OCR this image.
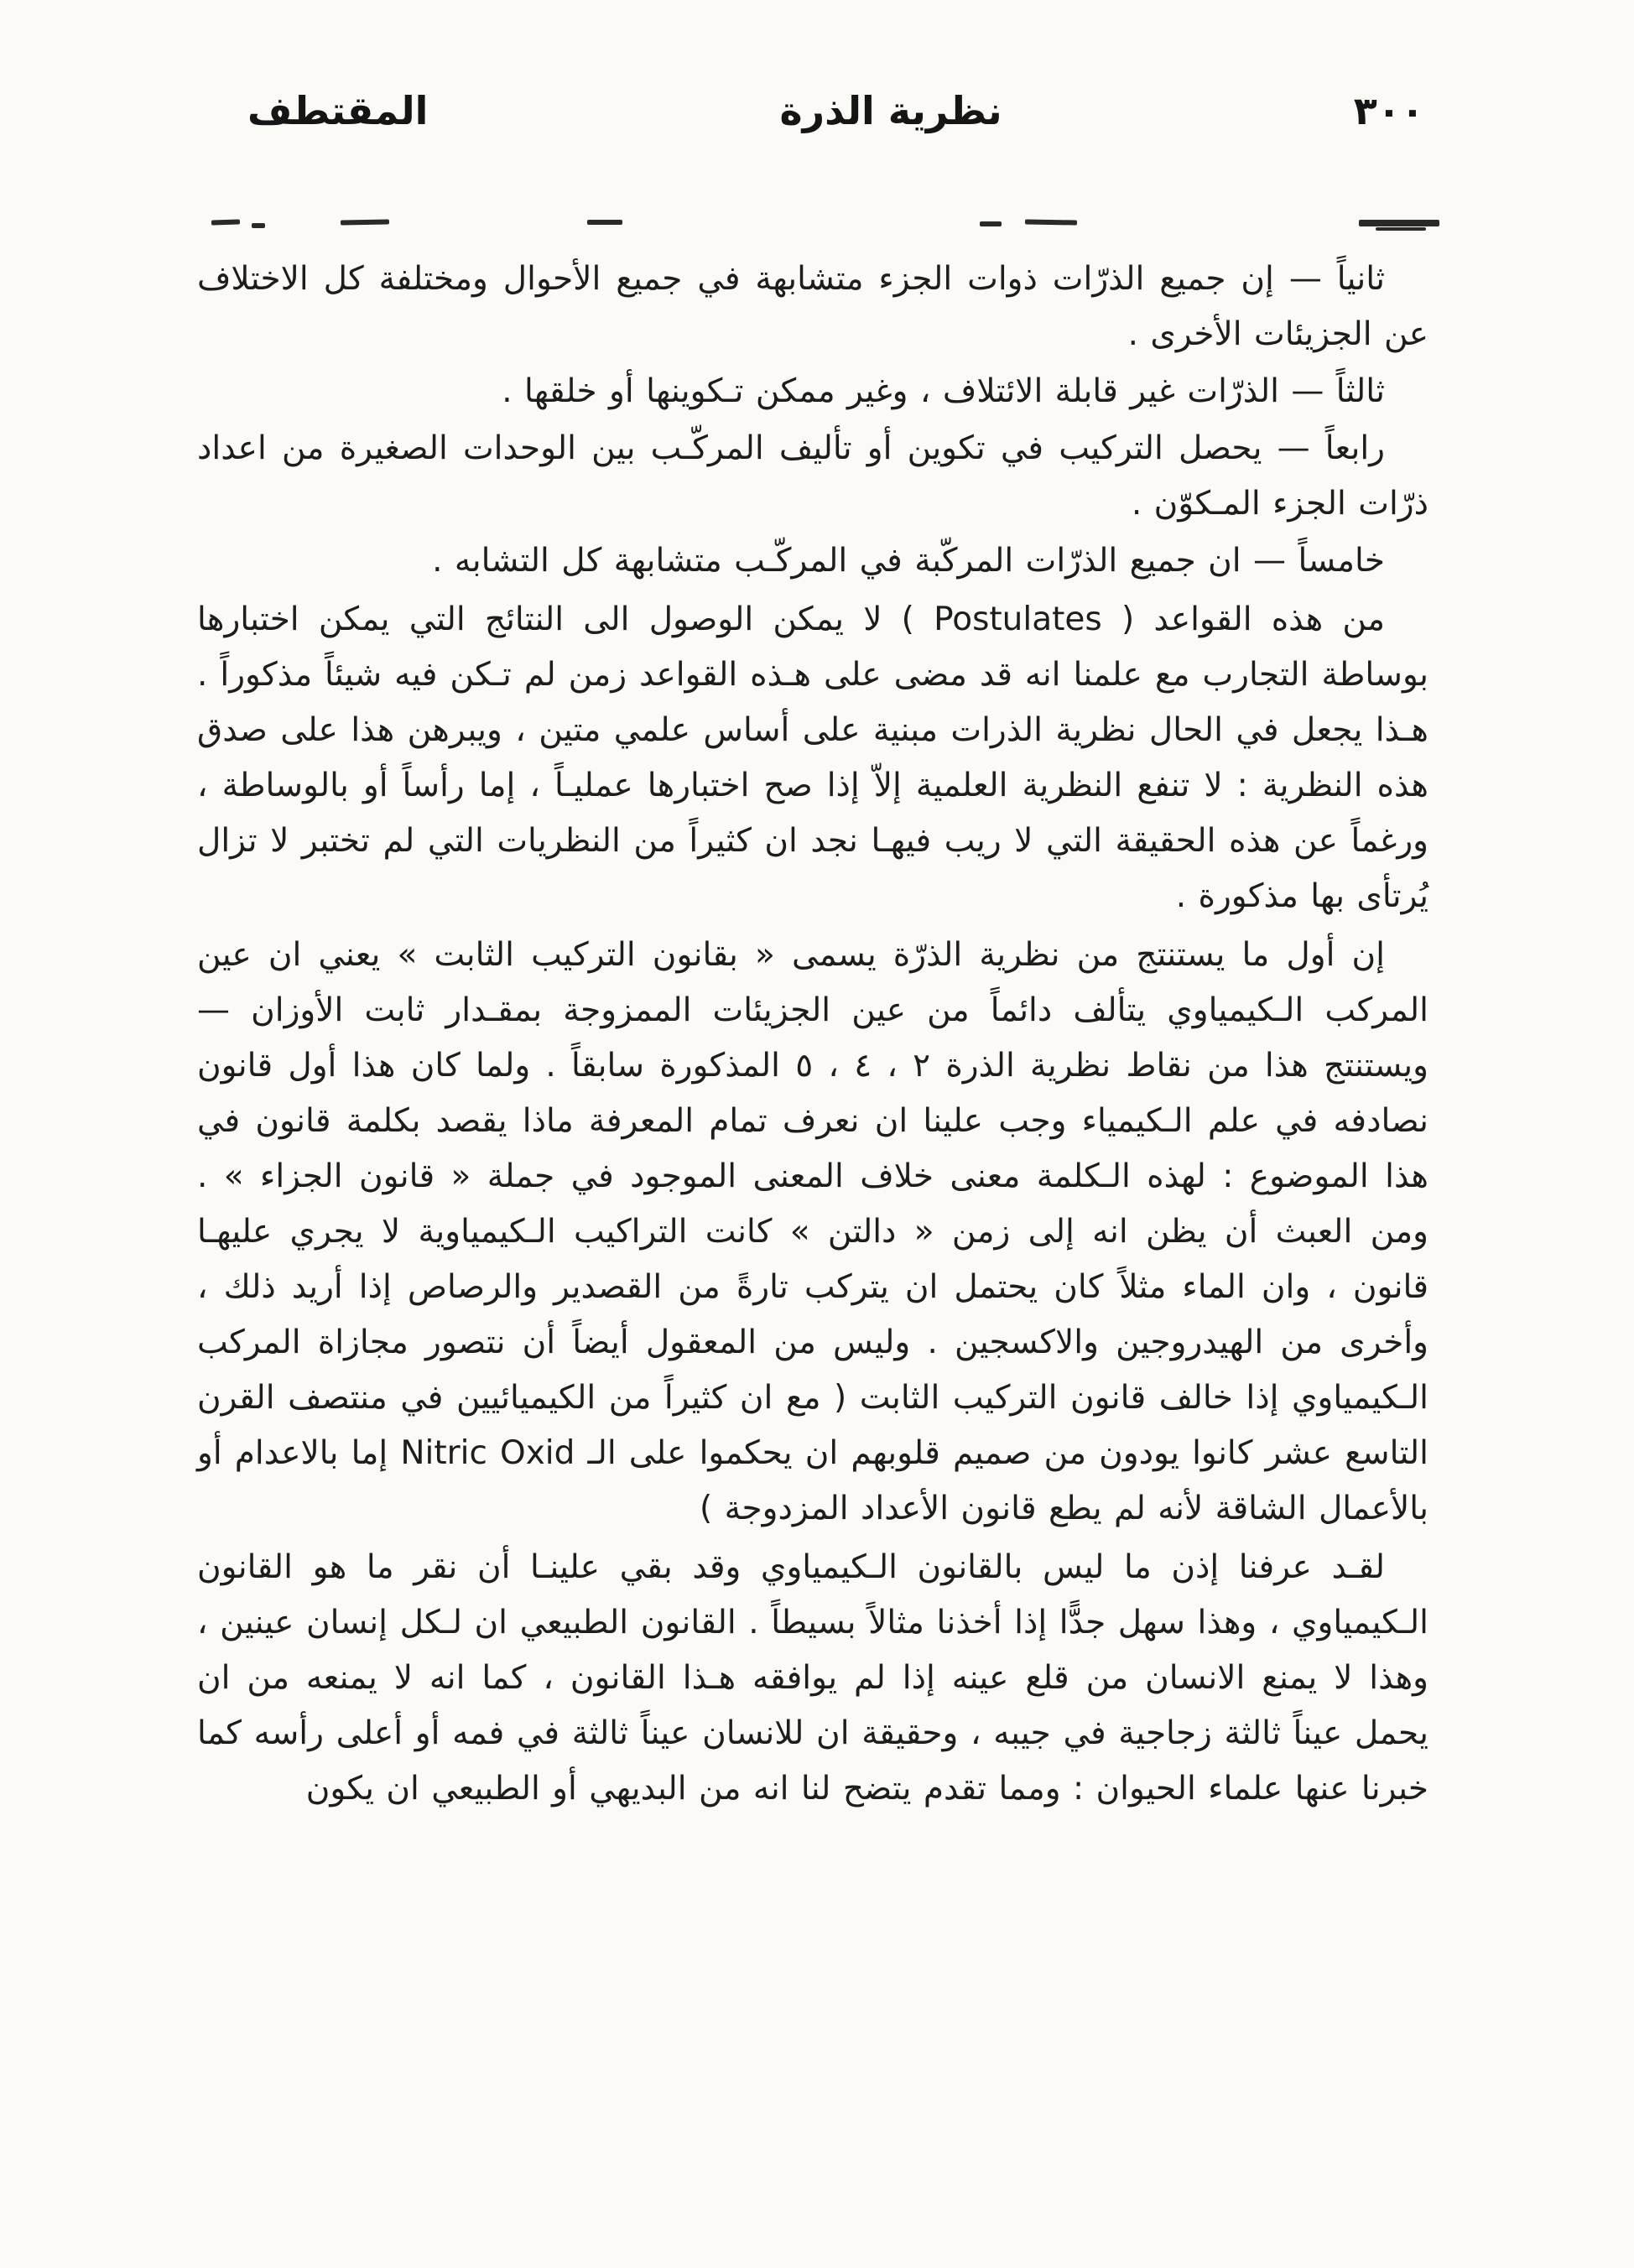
٣٠٠
نظرية الذرة
المقتطف

ثانياً — إن جميع الذرّات ذوات الجزء متشابهة في جميع الأحوال ومختلفة كل الاختلاف عن الجزيئات الأخرى .

ثالثاً — الذرّات غير قابلة الائتلاف ، وغير ممكن تـكوينها أو خلقها .

رابعاً — يحصل التركيب في تكوين أو تأليف المركّـب بين الوحدات الصغيرة من اعداد ذرّات الجزء المـكوّن .

خامساً — ان جميع الذرّات المركّبة في المركّـب متشابهة كل التشابه .

من هذه القواعد ( Postulates ) لا يمكن الوصول الى النتائج التي يمكن اختبارها بوساطة التجارب مع علمنا انه قد مضى على هـذه القواعد زمن لم تـكن فيه شيئاً مذكوراً . هـذا يجعل في الحال نظرية الذرات مبنية على أساس علمي متين ، ويبرهن هذا على صدق هذه النظرية : لا تنفع النظرية العلمية إلاّ إذا صح اختبارها عمليـاً ، إما رأساً أو بالوساطة ، ورغماً عن هذه الحقيقة التي لا ريب فيهـا نجد ان كثيراً من النظريات التي لم تختبر لا تزال يُرتأى بها مذكورة .

إن أول ما يستنتج من نظرية الذرّة يسمى « بقانون التركيب الثابت » يعني ان عين المركب الـكيمياوي يتألف دائماً من عين الجزيئات الممزوجة بمقـدار ثابت الأوزان — ويستنتج هذا من نقاط نظرية الذرة ٢ ، ٤ ، ٥ المذكورة سابقاً . ولما كان هذا أول قانون نصادفه في علم الـكيمياء وجب علينا ان نعرف تمام المعرفة ماذا يقصد بكلمة قانون في هذا الموضوع : لهذه الـكلمة معنى خلاف المعنى الموجود في جملة « قانون الجزاء » . ومن العبث أن يظن انه إلى زمن « دالتن » كانت التراكيب الـكيمياوية لا يجري عليهـا قانون ، وان الماء مثلاً كان يحتمل ان يتركب تارةً من القصدير والرصاص إذا أريد ذلك ، وأخرى من الهيدروجين والاكسجين . وليس من المعقول أيضاً أن نتصور مجازاة المركب الـكيمياوي إذا خالف قانون التركيب الثابت ( مع ان كثيراً من الكيميائيين في منتصف القرن التاسع عشر كانوا يودون من صميم قلوبهم ان يحكموا على الـ Nitric Oxid إما بالاعدام أو بالأعمال الشاقة لأنه لم يطع قانون الأعداد المزدوجة )

لقـد عرفنا إذن ما ليس بالقانون الـكيمياوي وقد بقي علينـا أن نقر ما هو القانون الـكيمياوي ، وهذا سهل جدًّا إذا أخذنا مثالاً بسيطاً . القانون الطبيعي ان لـكل إنسان عينين ، وهذا لا يمنع الانسان من قلع عينه إذا لم يوافقه هـذا القانون ، كما انه لا يمنعه من ان يحمل عيناً ثالثة زجاجية في جيبه ، وحقيقة ان للانسان عيناً ثالثة في فمه أو أعلى رأسه كما خبرنا عنها علماء الحيوان : ومما تقدم يتضح لنا انه من البديهي أو الطبيعي ان يكون
